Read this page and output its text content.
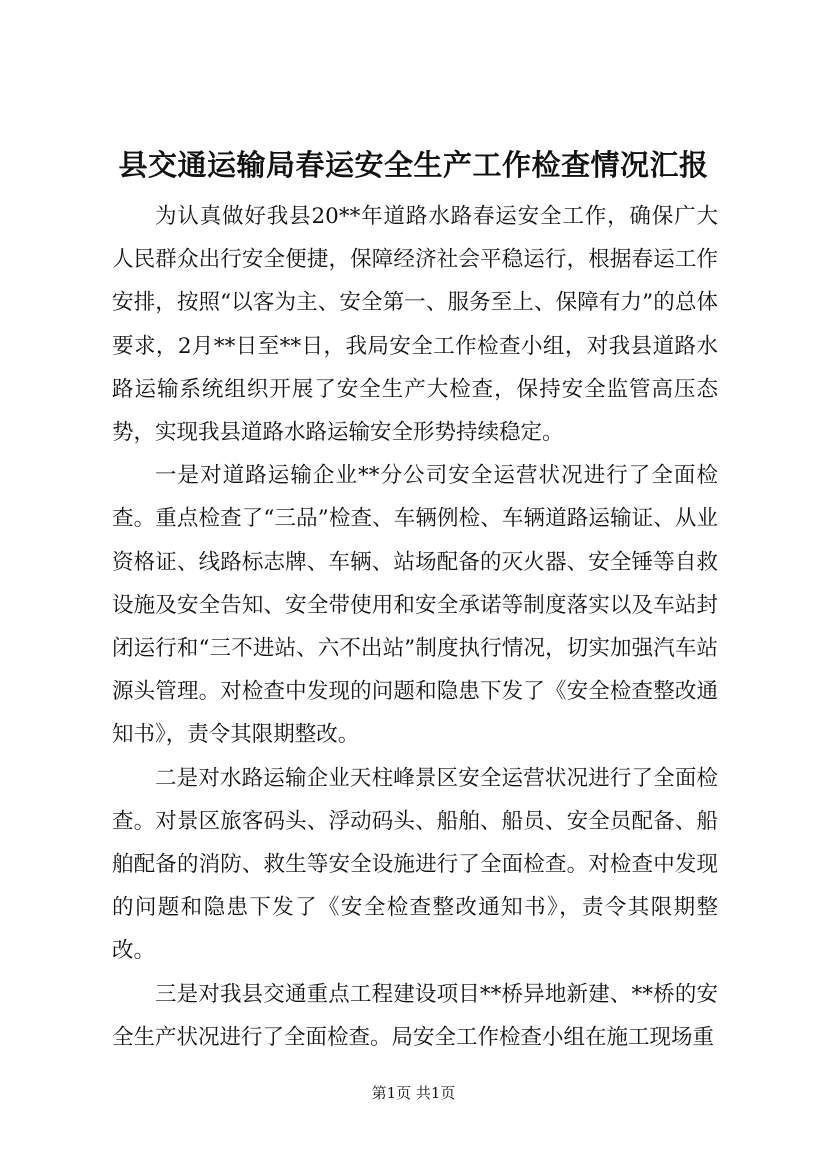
县交通运输局春运安全生产工作检查情况汇报

为认真做好我县20**年道路水路春运安全工作，确保广大人民群众出行安全便捷，保障经济社会平稳运行，根据春运工作安排，按照“以客为主、安全第一、服务至上、保障有力”的总体要求，2月**日至**日，我局安全工作检查小组，对我县道路水路运输系统组织开展了安全生产大检查，保持安全监管高压态势，实现我县道路水路运输安全形势持续稳定。

一是对道路运输企业**分公司安全运营状况进行了全面检查。重点检查了“三品”检查、车辆例检、车辆道路运输证、从业资格证、线路标志牌、车辆、站场配备的灭火器、安全锤等自救设施及安全告知、安全带使用和安全承诺等制度落实以及车站封闭运行和“三不进站、六不出站”制度执行情况，切实加强汽车站源头管理。对检查中发现的问题和隐患下发了《安全检查整改通知书》，责令其限期整改。

二是对水路运输企业天柱峰景区安全运营状况进行了全面检查。对景区旅客码头、浮动码头、船舶、船员、安全员配备、船舶配备的消防、救生等安全设施进行了全面检查。对检查中发现的问题和隐患下发了《安全检查整改通知书》，责令其限期整改。

三是对我县交通重点工程建设项目**桥异地新建、**桥的安全生产状况进行了全面检查。局安全工作检查小组在施工现场重

第1页 共1页
